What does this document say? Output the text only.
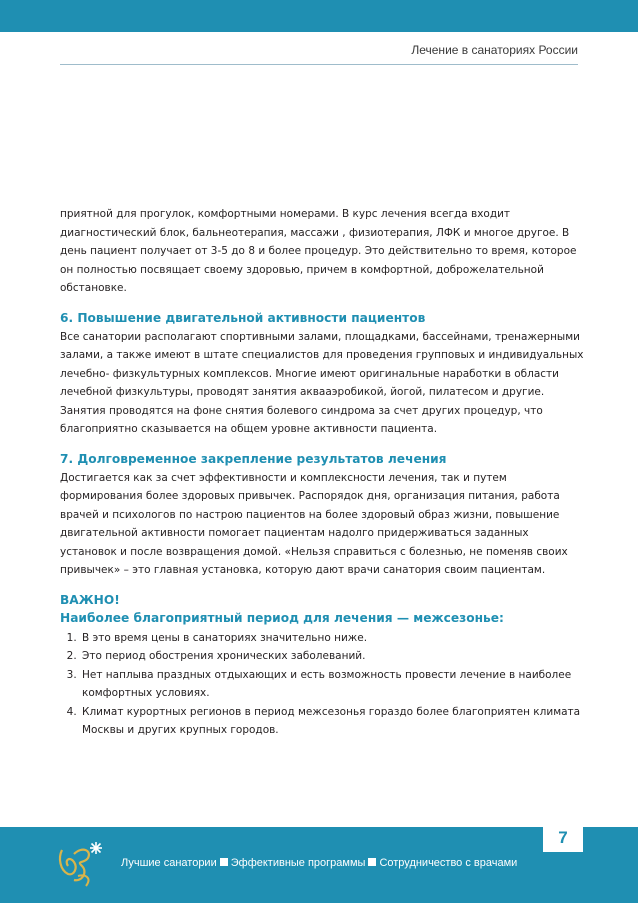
Лечение в санаториях России

приятной для прогулок, комфортными номерами. В курс лечения всегда входит диагностический блок, бальнеотерапия, массажи , физиотерапия, ЛФК и многое другое. В день пациент получает от 3-5 до 8 и более процедур. Это действительно то время, которое он полностью посвящает своему здоровью, причем в комфортной, доброжелательной обстановке.

6. Повышение двигательной активности пациентов

Все санатории располагают спортивными залами, площадками, бассейнами, тренажерными залами, а также имеют в штате специалистов для проведения групповых и индивидуальных лечебно- физкультурных комплексов. Многие имеют оригинальные наработки в области лечебной физкультуры, проводят занятия аквааэробикой, йогой, пилатесом и другие. Занятия проводятся на фоне снятия болевого синдрома за счет других процедур, что благоприятно сказывается на общем уровне активности пациента.

7. Долговременное закрепление результатов лечения

Достигается как за счет эффективности и комплексности лечения, так и путем формирования более здоровых привычек. Распорядок дня, организация питания, работа врачей и психологов по настрою пациентов на более здоровый образ жизни, повышение двигательной активности помогает пациентам надолго придерживаться заданных установок и после возвращения домой. «Нельзя справиться с болезнью, не поменяв своих привычек» – это главная установка, которую дают врачи санатория своим пациентам.

ВАЖНО!
Наиболее благоприятный период для лечения — межсезонье:
1. В это время цены в санаториях значительно ниже.
2. Это период обострения хронических заболеваний.
3. Нет наплыва праздных отдыхающих и есть возможность провести лечение в наиболее комфортных условиях.
4. Климат курортных регионов в период межсезонья гораздо более благоприятен климата Москвы и других крупных городов.
7
Лучшие санатории Эффективные программы Сотрудничество с врачами
